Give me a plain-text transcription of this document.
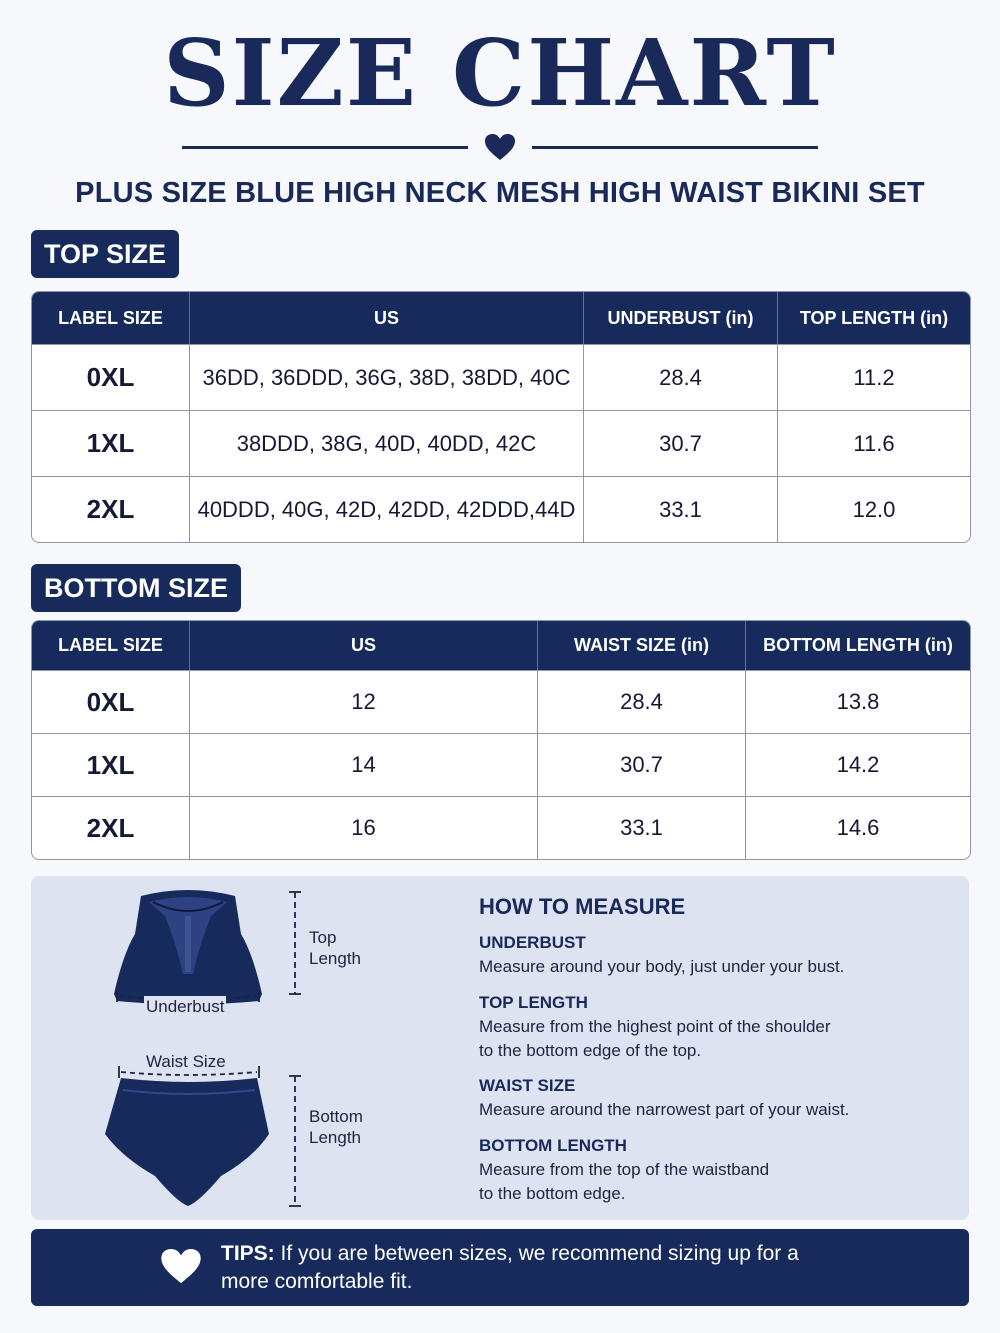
SIZE CHART
PLUS SIZE BLUE HIGH NECK MESH HIGH WAIST BIKINI SET
TOP SIZE
LABEL SIZE	US	UNDERBUST (in)	TOP LENGTH (in)
0XL	36DD, 36DDD, 36G, 38D, 38DD, 40C	28.4	11.2
1XL	38DDD, 38G, 40D, 40DD, 42C	30.7	11.6
2XL	40DDD, 40G, 42D, 42DD, 42DDD,44D	33.1	12.0
BOTTOM SIZE
LABEL SIZE	US	WAIST SIZE (in)	BOTTOM LENGTH (in)
0XL	12	28.4	13.8
1XL	14	30.7	14.2
2XL	16	33.1	14.6
Top
Length
Underbust
Waist Size
Bottom
Length
HOW TO MEASURE
UNDERBUST
Measure around your body, just under your bust.
TOP LENGTH
Measure from the highest point of the shoulder
to the bottom edge of the top.
WAIST SIZE
Measure around the narrowest part of your waist.
BOTTOM LENGTH
Measure from the top of the waistband
to the bottom edge.
TIPS: If you are between sizes, we recommend sizing up for a
more comfortable fit.
